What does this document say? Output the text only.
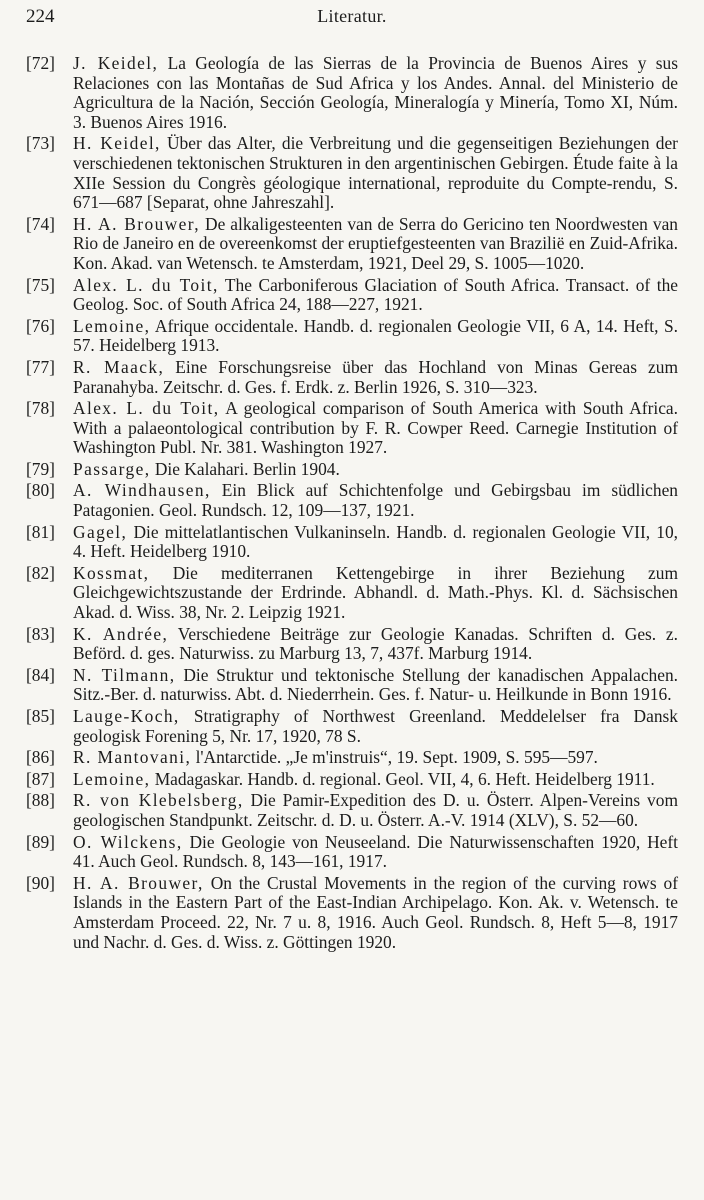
224	Literatur.
[72]	J. Keidel, La Geología de las Sierras de la Provincia de Buenos Aires y sus Relaciones con las Montañas de Sud Africa y los Andes. Annal. del Ministerio de Agricultura de la Nación, Sección Geología, Mineralogía y Minería, Tomo XI, Núm. 3. Buenos Aires 1916.
[73]	H. Keidel, Über das Alter, die Verbreitung und die gegenseitigen Beziehungen der verschiedenen tektonischen Strukturen in den argentinischen Gebirgen. Étude faite à la XIIe Session du Congrès géologique international, reproduite du Compte-rendu, S. 671—687 [Separat, ohne Jahreszahl].
[74]	H. A. Brouwer, De alkaligesteenten van de Serra do Gericino ten Noordwesten van Rio de Janeiro en de overeenkomst der eruptiefgesteenten van Brazilië en Zuid-Afrika. Kon. Akad. van Wetensch. te Amsterdam, 1921, Deel 29, S. 1005—1020.
[75]	Alex. L. du Toit, The Carboniferous Glaciation of South Africa. Transact. of the Geolog. Soc. of South Africa 24, 188—227, 1921.
[76]	Lemoine, Afrique occidentale. Handb. d. regionalen Geologie VII, 6 A, 14. Heft, S. 57. Heidelberg 1913.
[77]	R. Maack, Eine Forschungsreise über das Hochland von Minas Gereas zum Paranahyba. Zeitschr. d. Ges. f. Erdk. z. Berlin 1926, S. 310—323.
[78]	Alex. L. du Toit, A geological comparison of South America with South Africa. With a palaeontological contribution by F. R. Cowper Reed. Carnegie Institution of Washington Publ. Nr. 381. Washington 1927.
[79]	Passarge, Die Kalahari. Berlin 1904.
[80]	A. Windhausen, Ein Blick auf Schichtenfolge und Gebirgsbau im südlichen Patagonien. Geol. Rundsch. 12, 109—137, 1921.
[81]	Gagel, Die mittelatlantischen Vulkaninseln. Handb. d. regionalen Geologie VII, 10, 4. Heft. Heidelberg 1910.
[82]	Kossmat, Die mediterranen Kettengebirge in ihrer Beziehung zum Gleichgewichtszustande der Erdrinde. Abhandl. d. Math.-Phys. Kl. d. Sächsischen Akad. d. Wiss. 38, Nr. 2. Leipzig 1921.
[83]	K. Andrée, Verschiedene Beiträge zur Geologie Kanadas. Schriften d. Ges. z. Beförd. d. ges. Naturwiss. zu Marburg 13, 7, 437f. Marburg 1914.
[84]	N. Tilmann, Die Struktur und tektonische Stellung der kanadischen Appalachen. Sitz.-Ber. d. naturwiss. Abt. d. Niederrhein. Ges. f. Natur- u. Heilkunde in Bonn 1916.
[85]	Lauge-Koch, Stratigraphy of Northwest Greenland. Meddelelser fra Dansk geologisk Forening 5, Nr. 17, 1920, 78 S.
[86]	R. Mantovani, l'Antarctide. „Je m'instruis“, 19. Sept. 1909, S. 595—597.
[87]	Lemoine, Madagaskar. Handb. d. regional. Geol. VII, 4, 6. Heft. Heidelberg 1911.
[88]	R. von Klebelsberg, Die Pamir-Expedition des D. u. Österr. Alpen-Vereins vom geologischen Standpunkt. Zeitschr. d. D. u. Österr. A.-V. 1914 (XLV), S. 52—60.
[89]	O. Wilckens, Die Geologie von Neuseeland. Die Naturwissenschaften 1920, Heft 41. Auch Geol. Rundsch. 8, 143—161, 1917.
[90]	H. A. Brouwer, On the Crustal Movements in the region of the curving rows of Islands in the Eastern Part of the East-Indian Archipelago. Kon. Ak. v. Wetensch. te Amsterdam Proceed. 22, Nr. 7 u. 8, 1916. Auch Geol. Rundsch. 8, Heft 5—8, 1917 und Nachr. d. Ges. d. Wiss. z. Göttingen 1920.
